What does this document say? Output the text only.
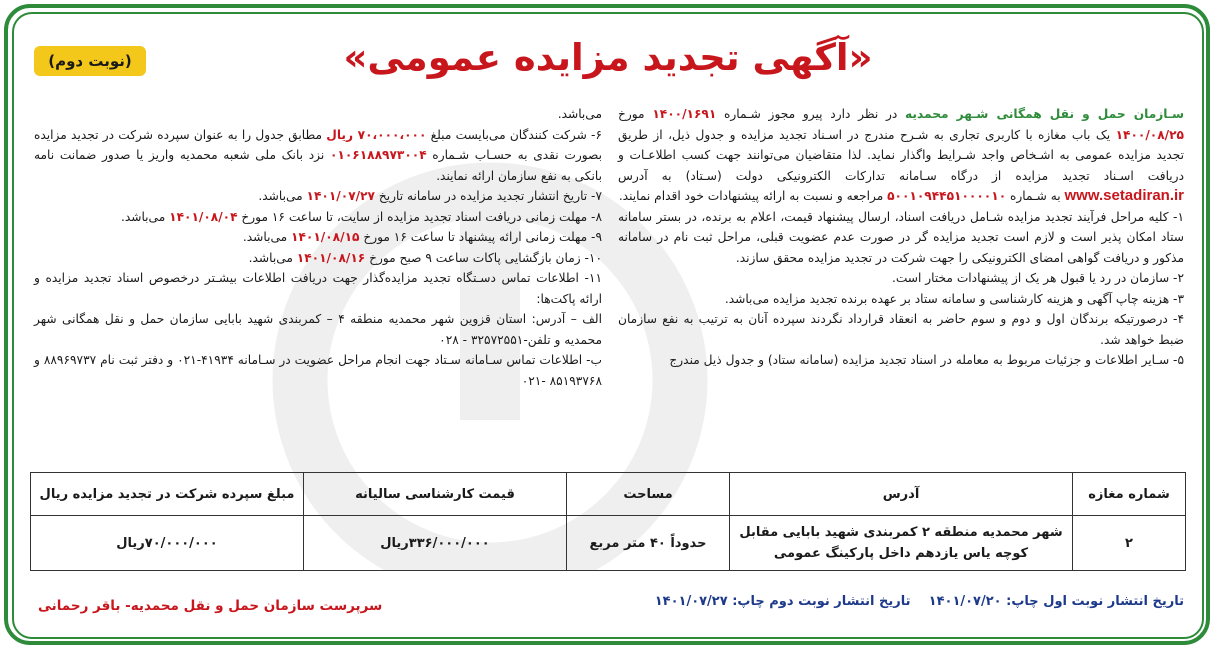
«آگهی تجدید مزایده عمومی»
(نوبت دوم)

سـازمان حمل و نقل همگانی شـهر محمدیه در نظر دارد پیرو مجوز شـماره ۱۴۰۰/۱۶۹۱ مورخ ۱۴۰۰/۰۸/۲۵ یک باب مغازه با کاربری تجاری به شـرح مندرج در اسـناد تجدید مزایده و جدول ذیل، از طریق تجدید مزایده عمومی به اشـخاص واجد شـرایط واگذار نماید. لذا متقاضیان می‌توانند جهت کسب اطلاعـات و دریافت اسـناد تجدید مزایده از درگاه سـامانه تدارکات الکترونیکی دولت (سـتاد) به آدرس www.setadiran.ir به شـماره ۵۰۰۱۰۹۴۴۵۱۰۰۰۰۱۰ مراجعه و نسبت به ارائه پیشنهادات خود اقدام نمایند.

۱- کلیه مراحل فرآیند تجدید مزایده شـامل دریافت اسناد، ارسال پیشنهاد قیمت، اعلام به برنده، در بستر سامانه ستاد امکان پذیر است و لازم است تجدید مزایده گر در صورت عدم عضویت قبلی، مراحل ثبت نام در سامانه مذکور و دریافت گواهی امضای الکترونیکی را جهت شرکت در تجدید مزایده محقق سازند.

۲- سازمان در رد یا قبول هر یک از پیشنهادات مختار است.

۳- هزینه چاپ آگهی و هزینه کارشناسی و سامانه ستاد بر عهده برنده تجدید مزایده می‌باشد.

۴- درصورتیکه برندگان اول و دوم و سوم حاضر به انعقاد قرارداد نگردند سپرده آنان به ترتیب به نفع سازمان ضبط خواهد شد.

۵- سـایر اطلاعات و جزئیات مربوط به معامله در اسناد تجدید مزایده (سامانه ستاد) و جدول ذیل مندرج

می‌باشد.

۶- شرکت کنندگان می‌بایست مبلغ ۷۰،۰۰۰،۰۰۰ ریال مطابق جدول را به عنوان سپرده شرکت در تجدید مزایده بصورت نقدی به حسـاب شـماره ۰۱۰۶۱۸۸۹۷۳۰۰۴ نزد بانک ملی شعبه محمدیه واریز یا صدور ضمانت نامه بانکی به نفع سازمان ارائه نمایند.

۷- تاریخ انتشار تجدید مزایده در سامانه تاریخ ۱۴۰۱/۰۷/۲۷ می‌باشد.

۸- مهلت زمانی دریافت اسناد تجدید مزایده از سایت، تا ساعت ۱۶ مورخ ۱۴۰۱/۰۸/۰۴ می‌باشد.

۹- مهلت زمانی ارائه پیشنهاد تا ساعت ۱۶ مورخ ۱۴۰۱/۰۸/۱۵ می‌باشد.

۱۰- زمان بازگشایی پاکات ساعت ۹ صبح مورخ ۱۴۰۱/۰۸/۱۶ می‌باشد.

۱۱- اطلاعات تماس دسـتگاه تجدید مزایده‌گذار جهت دریافت اطلاعات بیشـتر درخصوص اسناد تجدید مزایده و ارائه پاکت‌ها:

الف – آدرس: استان قزوین شهر محمدیه منطقه ۴ – کمربندی شهید بابایی سازمان حمل و نقل همگانی شهر محمدیه و تلفن-۳۲۵۷۲۵۵۱ - ۰۲۸

ب- اطلاعات تماس سـامانه سـتاد جهت انجام مراحل عضویت در سـامانه ۴۱۹۳۴-۰۲۱ و دفتر ثبت نام ۸۸۹۶۹۷۳۷ و ۸۵۱۹۳۷۶۸ -۰۲۱

شماره مغازه	آدرس	مساحت	قیمت کارشناسی سالیانه	مبلغ سپرده شرکت در تجدید مزایده ریال
۲	شهر محمدیه منطقه ۲ کمربندی شهید بابایی مقابل
کوچه یاس یازدهم داخل پارکینگ عمومی	حدوداً ۴۰ متر مربع	۳۳۶/۰۰۰/۰۰۰ریال	۷۰/۰۰۰/۰۰۰ریال
تاریخ انتشار نوبت اول چاپ: ۱۴۰۱/۰۷/۲۰    تاریخ انتشار نوبت دوم چاپ: ۱۴۰۱/۰۷/۲۷
سرپرست سازمان حمل و نقل محمدیه- باقر رحمانی
